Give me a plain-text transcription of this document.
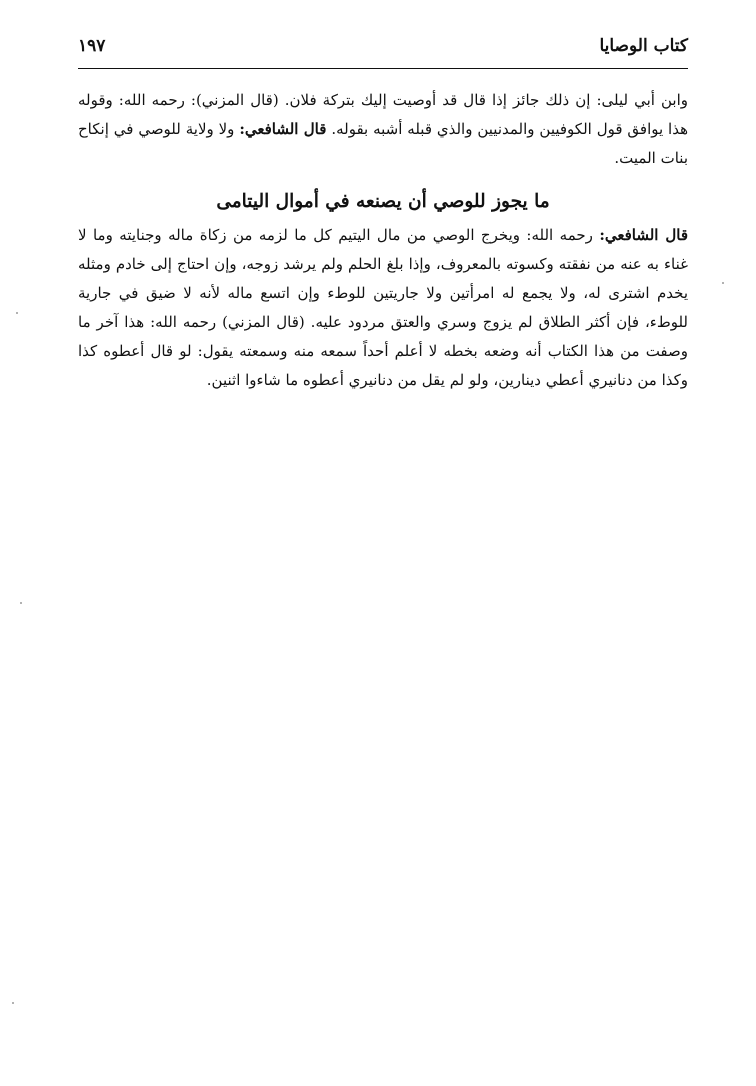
كتاب الوصايا
١٩٧

وابن أبي ليلى: إن ذلك جائز إذا قال قد أوصيت إليك بتركة فلان. (قال المزني): رحمه الله: وقوله هذا يوافق قول الكوفيين والمدنيين والذي قبله أشبه بقوله. قال الشافعي: ولا ولاية للوصي في إنكاح بنات الميت.

ما يجوز للوصي أن يصنعه في أموال اليتامى

قال الشافعي: رحمه الله: ويخرج الوصي من مال اليتيم كل ما لزمه من زكاة ماله وجنايته وما لا غناء به عنه من نفقته وكسوته بالمعروف، وإذا بلغ الحلم ولم يرشد زوجه، وإن احتاج إلى خادم ومثله يخدم اشترى له، ولا يجمع له امرأتين ولا جاريتين للوطء وإن اتسع ماله لأنه لا ضيق في جارية للوطء، فإن أكثر الطلاق لم يزوج وسري والعتق مردود عليه. (قال المزني) رحمه الله: هذا آخر ما وصفت من هذا الكتاب أنه وضعه بخطه لا أعلم أحداً سمعه منه وسمعته يقول: لو قال أعطوه كذا وكذا من دنانيري أعطي دينارين، ولو لم يقل من دنانيري أعطوه ما شاءوا اثنين.
